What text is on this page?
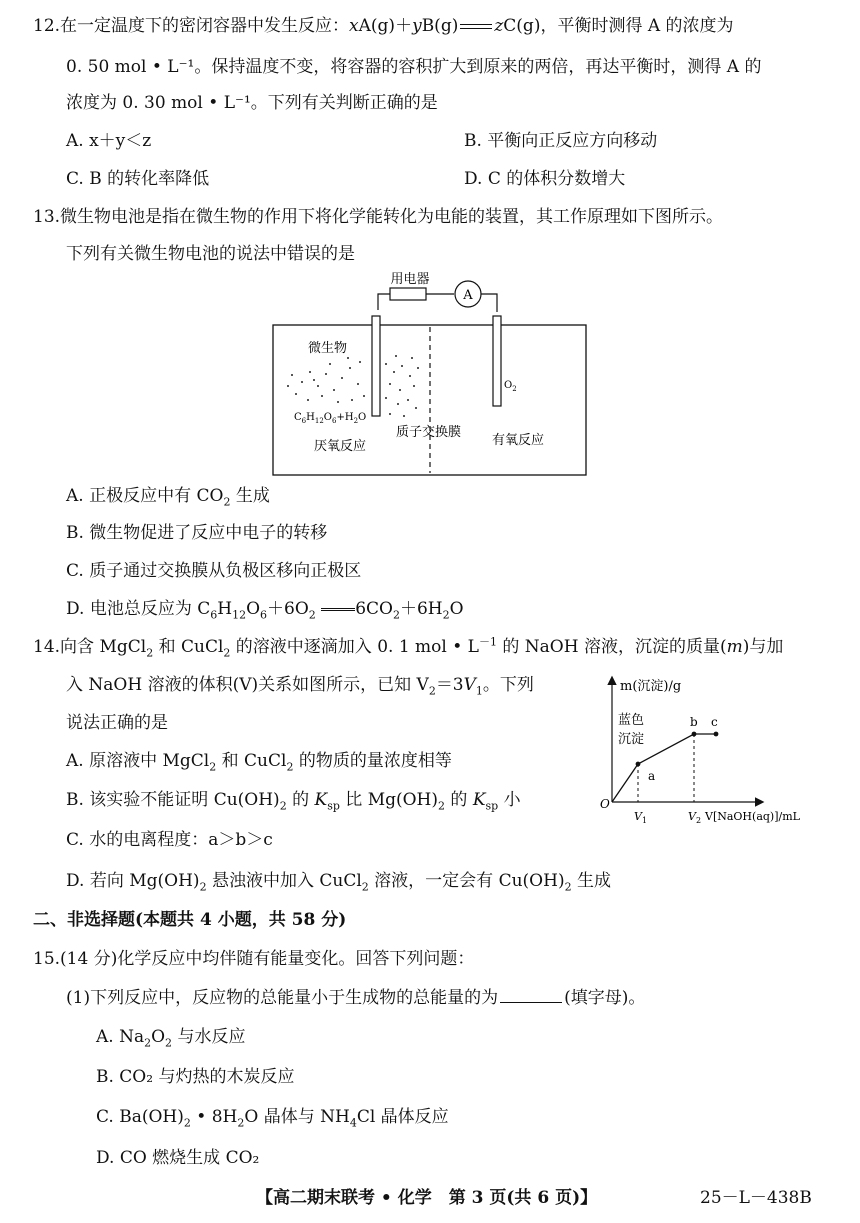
12.在一定温度下的密闭容器中发生反应：xA(g)＋yB(g) zC(g)，平衡时测得 A 的浓度为
0. 50 mol • L⁻¹。保持温度不变，将容器的容积扩大到原来的两倍，再达平衡时，测得 A 的
浓度为 0. 30 mol • L⁻¹。下列有关判断正确的是
A. x＋y＜z	B. 平衡向正反应方向移动
C. B 的转化率降低	D. C 的体积分数增大
13.微生物电池是指在微生物的作用下将化学能转化为电能的装置，其工作原理如下图所示。
下列有关微生物电池的说法中错误的是
A
用电器
微生物
$C_6H_{12}O_6+H_2O$
$O_2$
厌氧反应
质子交换膜
有氧反应
A. 正极反应中有 $CO_2$ 生成
B. 微生物促进了反应中电子的转移
C. 质子通过交换膜从负极区移向正极区
D. 电池总反应为 $C_6H_{12}O_6+6O_2$ $6CO_2+6H_2O$
14.向含 MgCl$_2$ 和 CuCl$_2$ 的溶液中逐滴加入 0. 1 mol • $L^{-1}$ 的 NaOH 溶液，沉淀的质量(m)与加
入 NaOH 溶液的体积(V)关系如图所示，已知 $V_2=3V_1$。下列
说法正确的是
A. 原溶液中 MgCl$_2$ 和 CuCl$_2$ 的物质的量浓度相等
B. 该实验不能证明 $Cu(OH)_2$ 的 $K_{sp}$ 比 $Mg(OH)_2$ 的 $K_{sp}$ 小
C. 水的电离程度：a＞b＞c
D. 若向 $Mg(OH)_2$ 悬浊液中加入 CuCl$_2$ 溶液，一定会有 $Cu(OH)_2$ 生成
m(沉淀)/g
蓝色
沉淀
a
b c
O
$V_1$	$V_2$ V[NaOH(aq)]/mL
二、非选择题(本题共 4 小题，共 58 分)
15.(14 分)化学反应中均伴随有能量变化。回答下列问题：
(1)下列反应中，反应物的总能量小于生成物的总能量的为	(填字母)。
A. $Na_2O_2$ 与水反应
B. CO₂ 与灼热的木炭反应
C. $Ba(OH)_2$ • $8H_2O$ 晶体与 $NH_4Cl$ 晶体反应
D. CO 燃烧生成 CO₂
【高二期末联考 • 化学　第 3 页(共 6 页)】	25－L－438B
